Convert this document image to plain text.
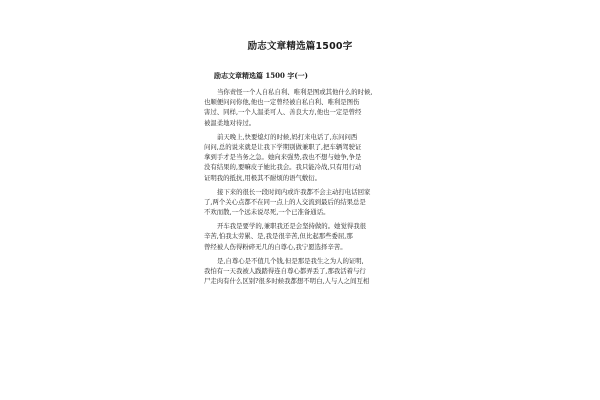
励志文章精选篇1500字
励志文章精选篇 1500 字(一)
当你责怪一个人自私自利、唯利是图或其他什么的时候,
也顺便问问你他,他也一定曾经被自私自利、唯利是图伤
害过、同样,一个人温柔可人、善良大方,他也一定是曾经
被温柔地对待过。
前天晚上,快要熄灯的时候,妈打来电话了,东问问西
问问,总的说来就是让我下学期别做兼职了,把车辆驾驶证
拿到手才是当务之急。她向来强势,我也不想与她争,争是
没有结果的,要嘛皮子她比我会。我只能冷战,只有用行动
证明我的抵抗,用极其不耐烦的语气敷衍。
接下来的很长一段时间内或许我都不会主动打电话回家
了,两个关心点都不在同一点上的人交流到最后的结果总是
不欢而散,一个远未说尽死,一个已准备通话。
开车我是要学的,兼职我还是会坚持做的。她觉得我很
辛苦,怕我太劳累、是,我是很辛苦,但比起那些委屈,那
曾经被人伤得粉碎无几的自尊心,我宁愿选择辛苦。
是,自尊心是不值几个钱,但是那是我生之为人的证明,
我怕有一天我被人践踏得连自尊心都弄丢了,那我活着与行
尸走肉有什么区别?很多时候我都想不明白,人与人之间互相
